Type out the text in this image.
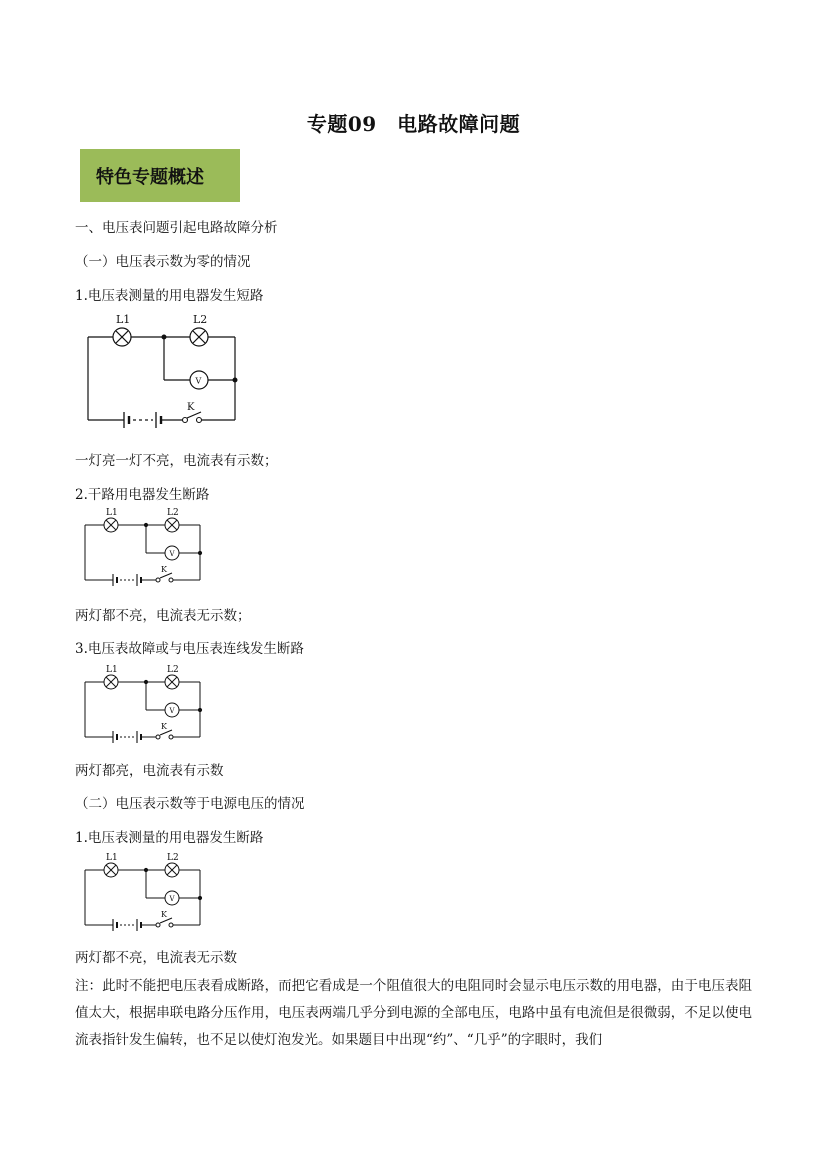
专题09　电路故障问题
特色专题概述
一、电压表问题引起电路故障分析
（一）电压表示数为零的情况
1.电压表测量的用电器发生短路
L1	L2
V
K
一灯亮一灯不亮，电流表有示数；
2.干路用电器发生断路
L1	L2
V
K
两灯都不亮，电流表无示数；
3.电压表故障或与电压表连线发生断路
L1	L2
V
K
两灯都亮，电流表有示数
（二）电压表示数等于电源电压的情况
1.电压表测量的用电器发生断路
L1	L2
V
K
两灯都不亮，电流表无示数
注：此时不能把电压表看成断路，而把它看成是一个阻值很大的电阻同时会显示电压示数的用电器，由于电压表阻值太大，根据串联电路分压作用，电压表两端几乎分到电源的全部电压，电路中虽有电流但是很微弱，不足以使电流表指针发生偏转，也不足以使灯泡发光。如果题目中出现“约”、“几乎”的字眼时，我们
